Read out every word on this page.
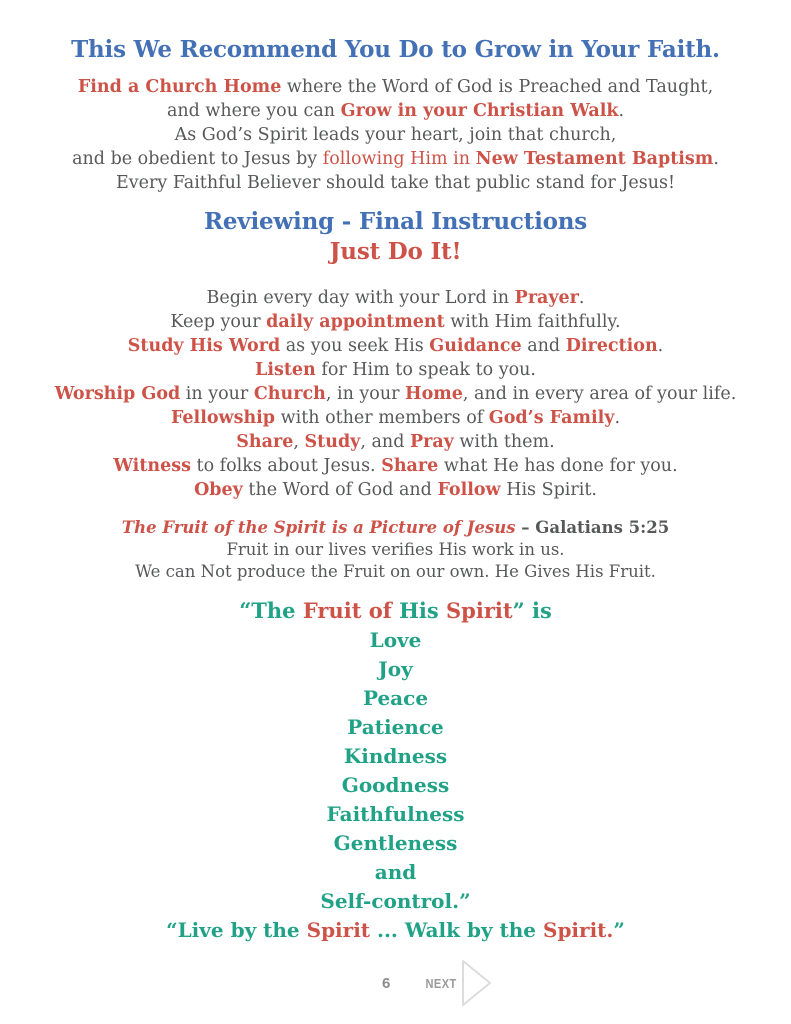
This We Recommend You Do to Grow in Your Faith.
Find a Church Home where the Word of God is Preached and Taught,
and where you can Grow in your Christian Walk.
As God’s Spirit leads your heart, join that church,
and be obedient to Jesus by following Him in New Testament Baptism.
Every Faithful Believer should take that public stand for Jesus!
Reviewing - Final Instructions
Just Do It!
Begin every day with your Lord in Prayer.
Keep your daily appointment with Him faithfully.
Study His Word as you seek His Guidance and Direction.
Listen for Him to speak to you.
Worship God in your Church, in your Home, and in every area of your life.
Fellowship with other members of God’s Family.
Share, Study, and Pray with them.
Witness to folks about Jesus. Share what He has done for you.
Obey the Word of God and Follow His Spirit.
The Fruit of the Spirit is a Picture of Jesus – Galatians 5:25
Fruit in our lives verifies His work in us.
We can Not produce the Fruit on our own. He Gives His Fruit.
“The Fruit of His Spirit” is
Love
Joy
Peace
Patience
Kindness
Goodness
Faithfulness
Gentleness
and
Self-control.”
“Live by the Spirit ... Walk by the Spirit.”
6	NEXT
